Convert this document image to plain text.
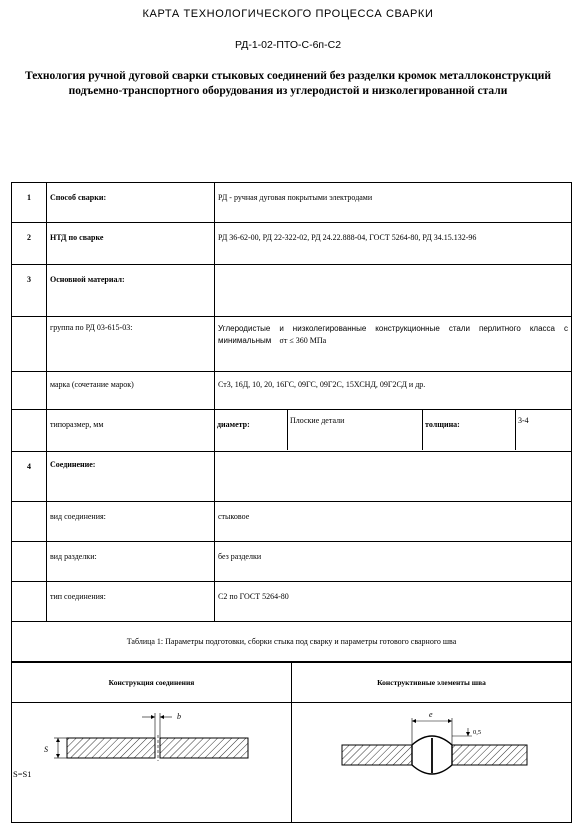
КАРТА ТЕХНОЛОГИЧЕСКОГО ПРОЦЕССА СВАРКИ
РД-1-02-ПТО-С-6п-С2
Технология ручной дуговой сварки стыковых соединений без разделки кромок металлоконструкций подъемно-транспортного оборудования из углеродистой и низколегированной стали
1	Способ сварки:	РД - ручная дуговая покрытыми электродами
2	НТД по сварке	РД 36-62-00, РД 22-322-02, РД 24.22.888-04, ГОСТ 5264-80, РД 34.15.132-96
3	Основной материал:	
	группа по РД 03-615-03:	Углеродистые и низколегированные конструкционные стали перлитного класса с минимальным σт ≤ 360 МПа
	марка (сочетание марок)	Ст3, 16Д, 10, 20, 16ГС, 09ГС, 09Г2С, 15ХСНД, 09Г2СД и др.
	типоразмер, мм		диаметр:	Плоские детали	толщина:	3-4

4	Соединение:	
	вид соединения:	стыковое
	вид разделки:	без разделки
	тип соединения:	С2 по ГОСТ 5264-80
Таблица 1: Параметры подготовки, сборки стыка под сварку и параметры готового сварного шва
Конструкция соединения	Конструктивные элементы шва

b
S
S=S1	e
0,5
